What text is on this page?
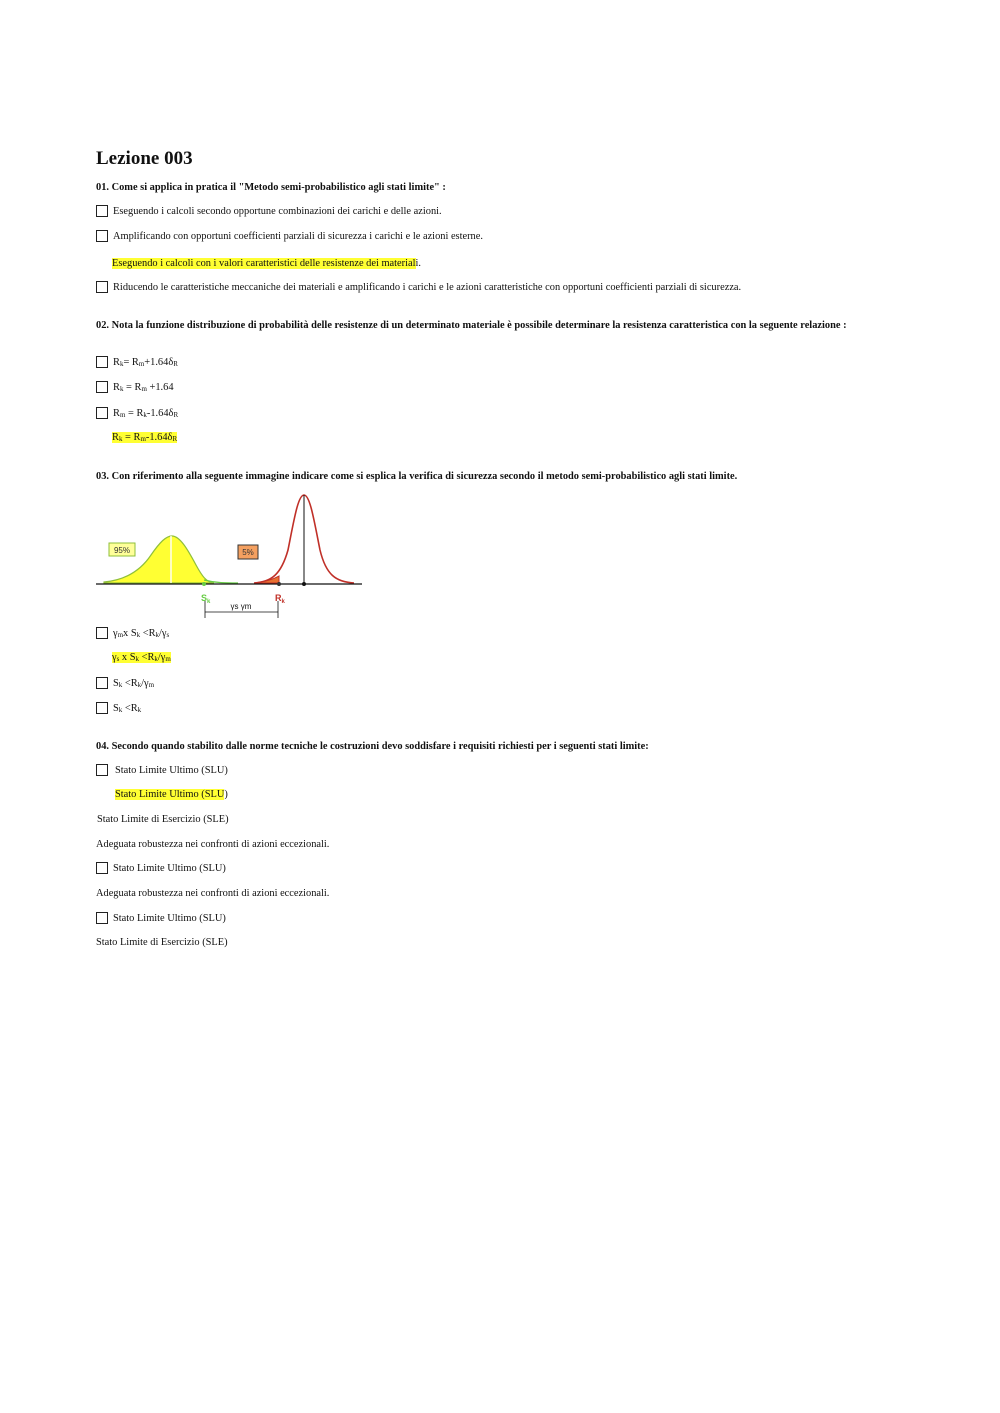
Lezione 003
01. Come si applica in pratica il "Metodo semi-probabilistico agli stati limite" :
Eseguendo i calcoli secondo opportune combinazioni dei carichi e delle azioni.
Amplificando con opportuni coefficienti parziali di sicurezza i carichi e le azioni esterne.
Eseguendo i calcoli con i valori caratteristici delle resistenze dei material i.
Riducendo le caratteristiche meccaniche dei materiali e amplificando i carichi e le azioni caratteristiche con opportuni coefficienti parziali di sicurezza.
02. Nota la funzione distribuzione di probabilità delle resistenze di un determinato materiale è possibile determinare la resistenza caratteristica con la seguente relazione :
$R_k= R_m+1.64\delta_R$
$R_k = R_m +1.64$
$R_m = R_k-1.64\delta_R$
$R_k = R_m-1.64\delta_R$
03. Con riferimento alla seguente immagine indicare come si esplica la verifica di sicurezza secondo il metodo semi-probabilistico agli stati limite.
95%	5%
$S_k$	$R_k$
γs γm
$\gamma_mx$ $S_k <R_k/\gamma_s$
$\gamma_s$ x $S_k <R_k/\gamma_m$
$S_k <R_k/\gamma_m$
$S_k <R_k$
04. Secondo quando stabilito dalle norme tecniche le costruzioni devo soddisfare i requisiti richiesti per i seguenti stati limite:
Stato Limite Ultimo (SLU)
Stato Limite Ultimo (SLU )
Stato Limite di Esercizio (SLE)
Adeguata robustezza nei confronti di azioni eccezionali.
Stato Limite Ultimo (SLU)
Adeguata robustezza nei confronti di azioni eccezionali.
Stato Limite Ultimo (SLU)
Stato Limite di Esercizio (SLE)
